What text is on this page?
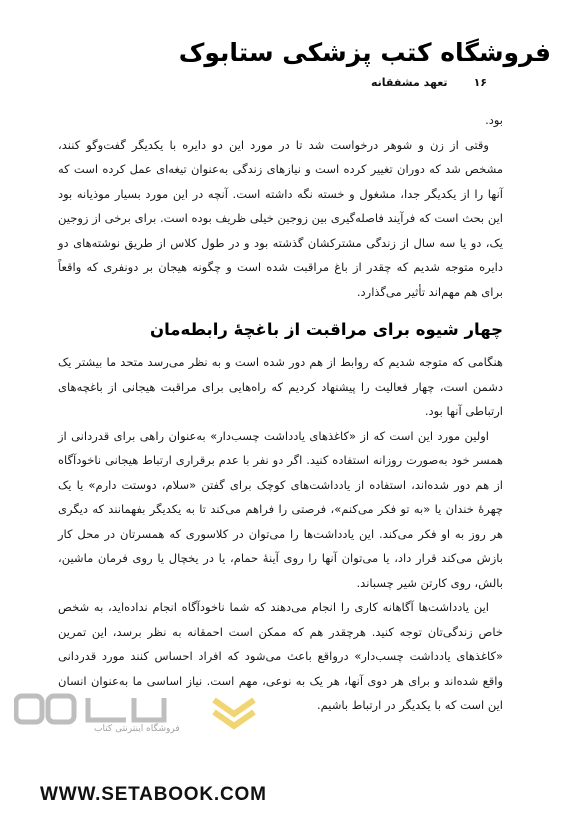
فروشگاه کتب پزشکی ستابوک
۱۶
تعهد مشفقانه

بود.

وقتی از زن و شوهر درخواست شد تا در مورد این دو دایره با یکدیگر گفت‌وگو کنند، مشخص شد که دوران تغییر کرده است و نیازهای زندگی به‌عنوان تیغه‌ای عمل کرده است که آنها را از یکدیگر جدا، مشغول و خسته نگه داشته است. آنچه در این مورد بسیار موذیانه بود این بحث است که فرآیند فاصله‌گیری بین زوجین خیلی ظریف بوده است. برای برخی از زوجین یک، دو یا سه سال از زندگی مشترکشان گذشته بود و در طول کلاس از طریق نوشته‌های دو دایره متوجه شدیم که چقدر از باغ مراقبت شده است و چگونه هیجان بر دونفری که واقعاً برای هم مهم‌اند تأثیر می‌گذارد.

چهار شیوه برای مراقبت از باغچهٔ رابطه‌مان

هنگامی که متوجه شدیم که روابط از هم دور شده است و به نظر می‌رسد متحد ما بیشتر یک دشمن است، چهار فعالیت را پیشنهاد کردیم که راه‌هایی برای مراقبت هیجانی از باغچه‌های ارتباطی آنها بود.

اولین مورد این است که از «کاغذهای یادداشت چسب‌دار» به‌عنوان راهی برای قدردانی از همسر خود به‌صورت روزانه استفاده کنید. اگر دو نفر با عدم برقراری ارتباط هیجانی ناخودآگاه از هم دور شده‌اند، استفاده از یادداشت‌های کوچک برای گفتن «سلام، دوستت دارم» یا یک چهرهٔ خندان یا «به تو فکر می‌کنم»، فرصتی را فراهم می‌کند تا به یکدیگر بفهمانند که دیگری هر روز به او فکر می‌کند. این یادداشت‌ها را می‌توان در کلاسوری که همسرتان در محل کار بازش می‌کند قرار داد، یا می‌توان آنها را روی آینهٔ حمام، یا در یخچال یا روی فرمان ماشین، بالش، روی کارتن شیر چسباند.

این یادداشت‌ها آگاهانه کاری را انجام می‌دهند که شما ناخودآگاه انجام نداده‌اید، به شخص خاص زندگی‌تان توجه کنید. هرچقدر هم که ممکن است احمقانه به نظر برسد، این تمرین «کاغذهای یادداشت چسب‌دار» درواقع باعث می‌شود که افراد احساس کنند مورد قدردانی واقع شده‌اند و برای هر دوی آنها، هر یک به نوعی، مهم است. نیاز اساسی ما به‌عنوان انسان این است که با یکدیگر در ارتباط باشیم.

فروشگاه اینترنتی کتاب
WWW.SETABOOK.COM
